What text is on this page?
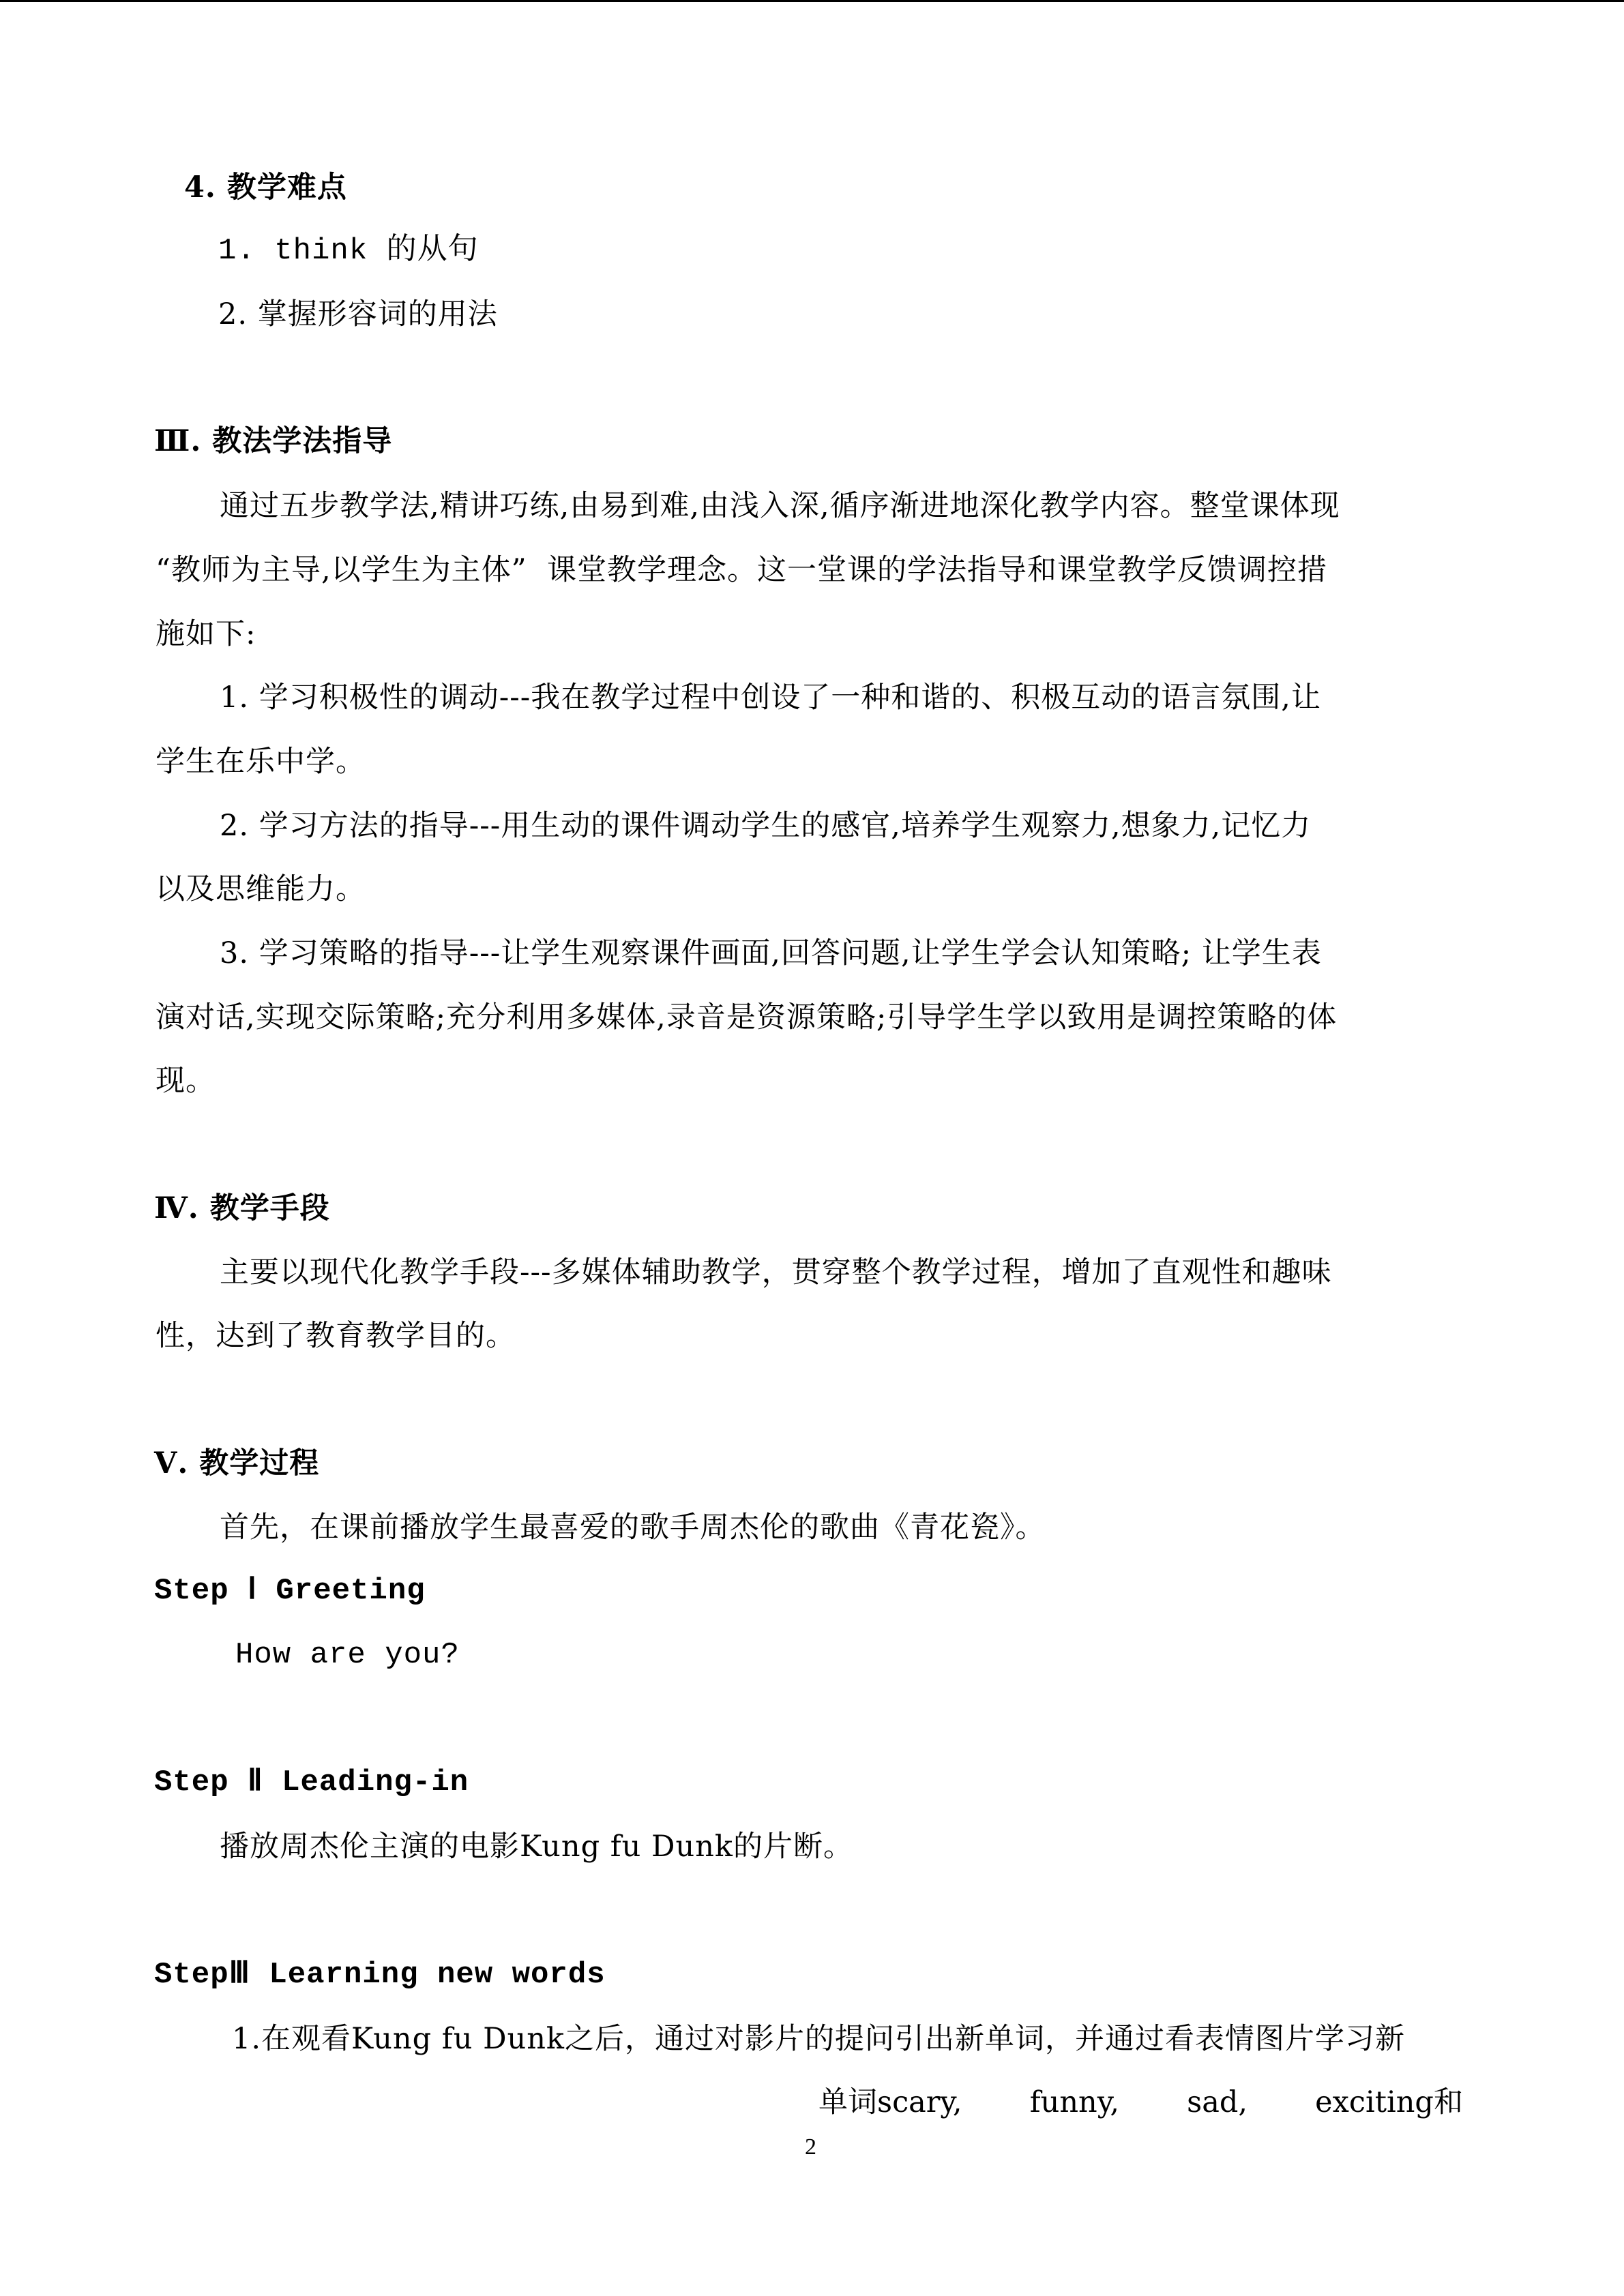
4. 教学难点
1. think 的从句
2. 掌握形容词的用法
Ⅲ. 教法学法指导
通过五步教学法,精讲巧练,由易到难,由浅入深,循序渐进地深化教学内容。整堂课体现
“教师为主导,以学生为主体”  课堂教学理念。这一堂课的学法指导和课堂教学反馈调控措
施如下:
1. 学习积极性的调动---我在教学过程中创设了一种和谐的、积极互动的语言氛围,让
学生在乐中学。
2. 学习方法的指导---用生动的课件调动学生的感官,培养学生观察力,想象力,记忆力
以及思维能力。
3. 学习策略的指导---让学生观察课件画面,回答问题,让学生学会认知策略; 让学生表
演对话,实现交际策略;充分利用多媒体,录音是资源策略;引导学生学以致用是调控策略的体
现。
Ⅳ. 教学手段
主要以现代化教学手段---多媒体辅助教学，贯穿整个教学过程，增加了直观性和趣味
性，达到了教育教学目的。
Ⅴ. 教学过程
首先，在课前播放学生最喜爱的歌手周杰伦的歌曲《青花瓷》。
Step Ⅰ Greeting
How are you?
Step Ⅱ Leading-in
播放周杰伦主演的电影Kung fu Dunk的片断。
StepⅢ Learning new words
1.在观看Kung fu Dunk之后，通过对影片的提问引出新单词，并通过看表情图片学习新
单词scary, funny, sad, exciting和
2
